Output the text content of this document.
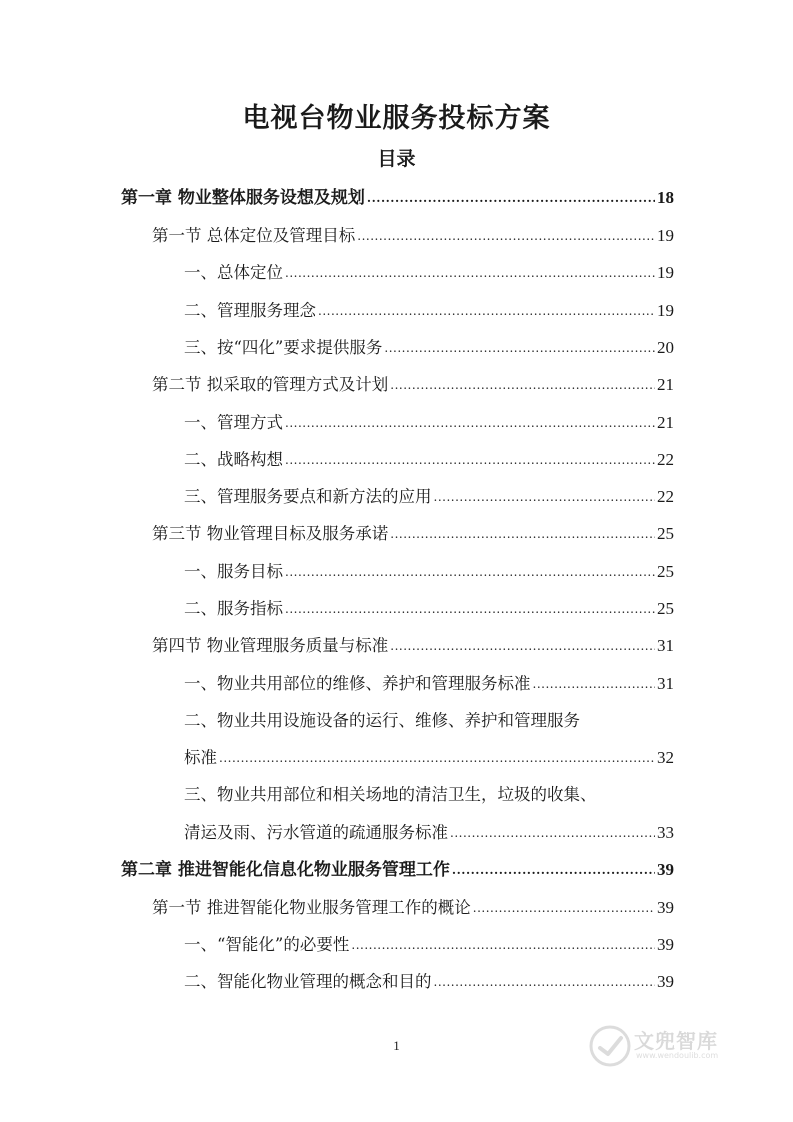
电视台物业服务投标方案
目录
第一章 物业整体服务设想及规划 .....	18
第一节 总体定位及管理目标 .....	19
一、总体定位 .....	19
二、管理服务理念 .....	19
三、按“四化”要求提供服务 .....	20
第二节 拟采取的管理方式及计划 .....	21
一、管理方式 .....	21
二、战略构想 .....	22
三、管理服务要点和新方法的应用 .....	22
第三节 物业管理目标及服务承诺 .....	25
一、服务目标 .....	25
二、服务指标 .....	25
第四节 物业管理服务质量与标准 .....	31
一、物业共用部位的维修、养护和管理服务标准 .....	31
二、物业共用设施设备的运行、维修、养护和管理服务
标准 .....	32
三、物业共用部位和相关场地的清洁卫生，垃圾的收集、
清运及雨、污水管道的疏通服务标准 .....	33
第二章 推进智能化信息化物业服务管理工作 .....	39
第一节 推进智能化物业服务管理工作的概论 .....	39
一、“智能化”的必要性 .....	39
二、智能化物业管理的概念和目的 .....	39
1	文兜智库
www.wendoulib.com
